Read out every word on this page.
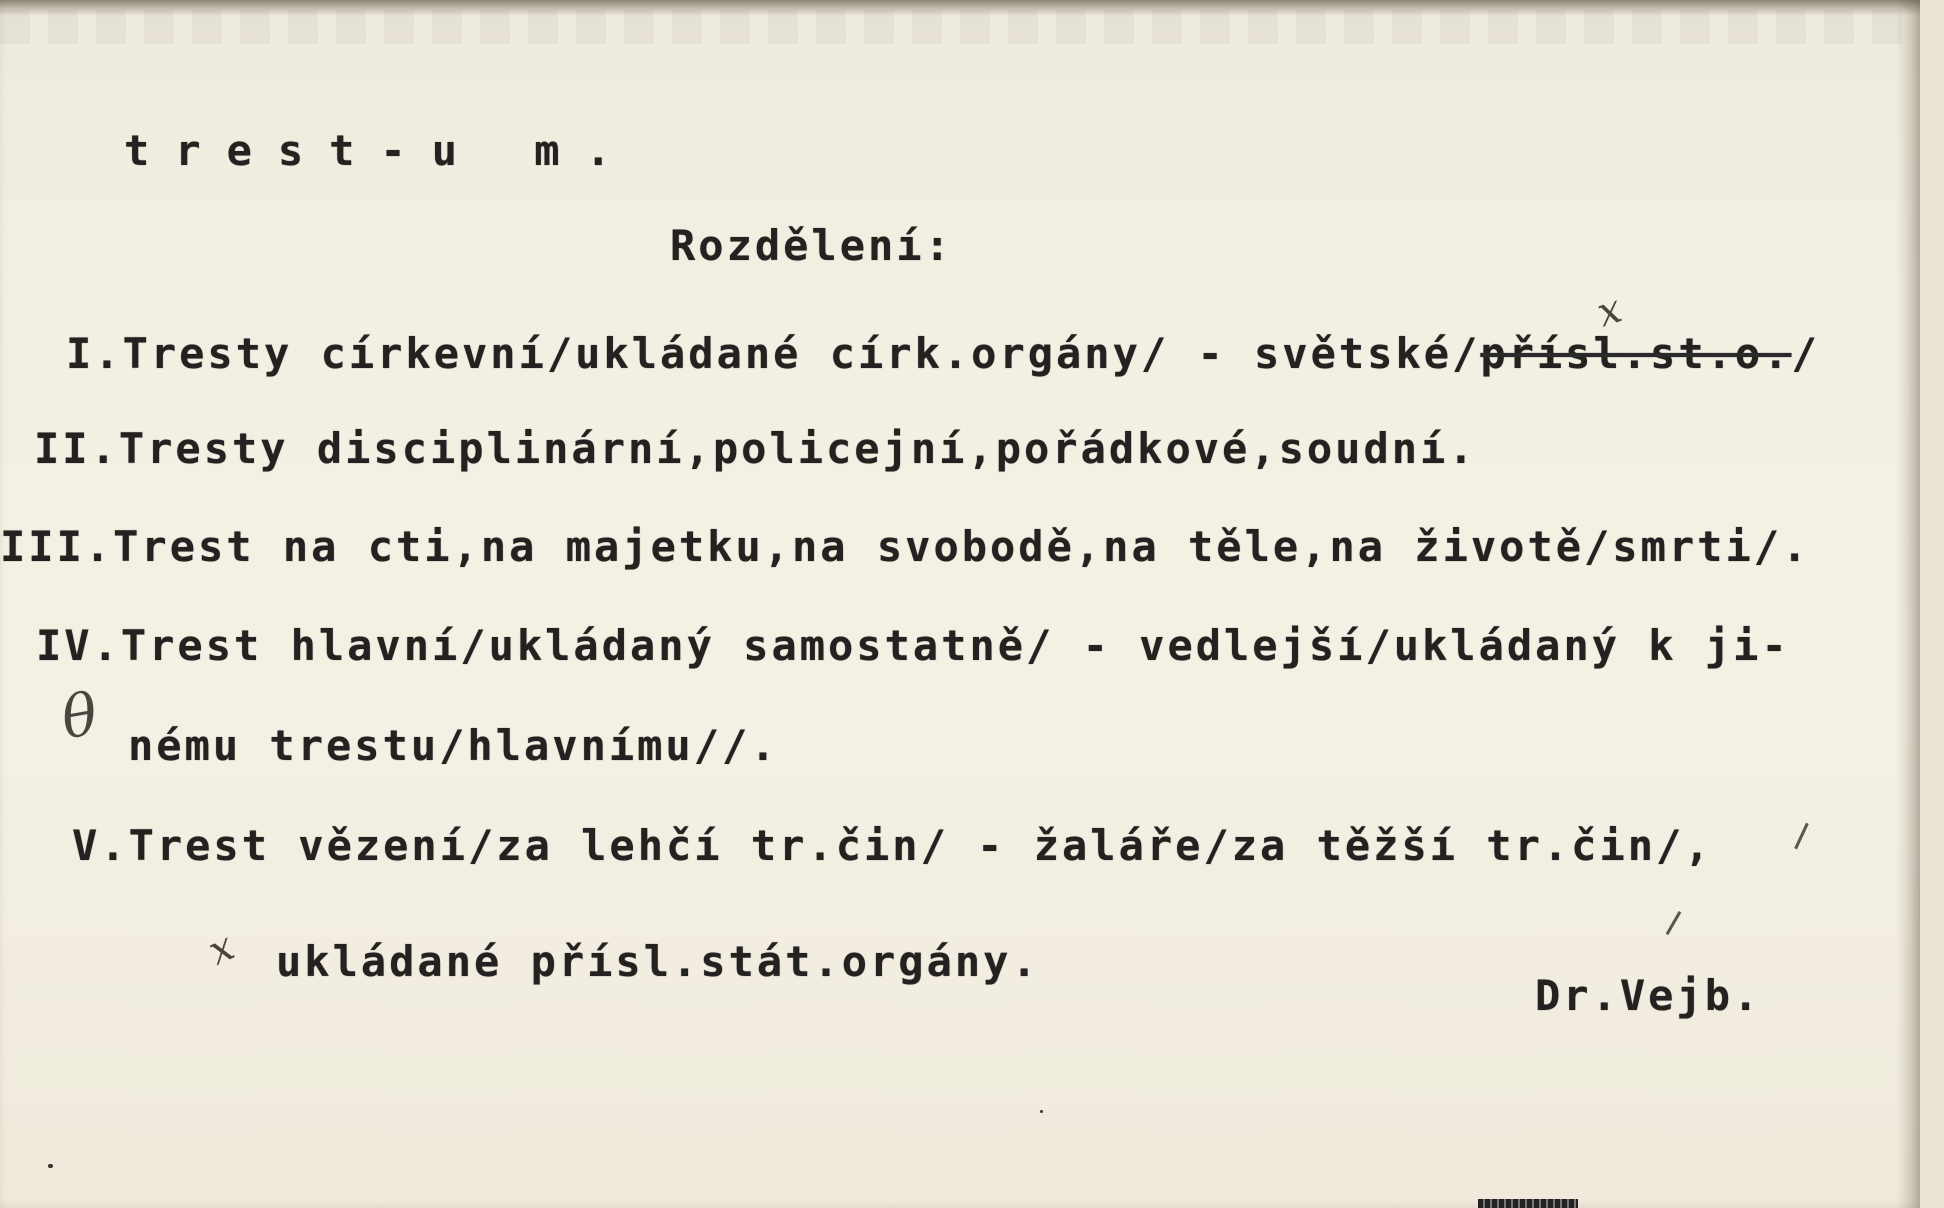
trest-u m.
Rozdělení:
I.Tresty církevní/ukládané círk.orgány/ - světské/přísl.st.o./
II.Tresty disciplinární,policejní,pořádkové,soudní.
III.Trest na cti,na majetku,na svobodě,na těle,na životě/smrti/.
IV.Trest hlavní/ukládaný samostatně/ - vedlejší/ukládaný k ji-
nému trestu/hlavnímu//.
V.Trest vězení/za lehčí tr.čin/ - žaláře/za těžší tr.čin/,
ukládané přísl.stát.orgány.
Dr.Vejb.
x
θ
x
